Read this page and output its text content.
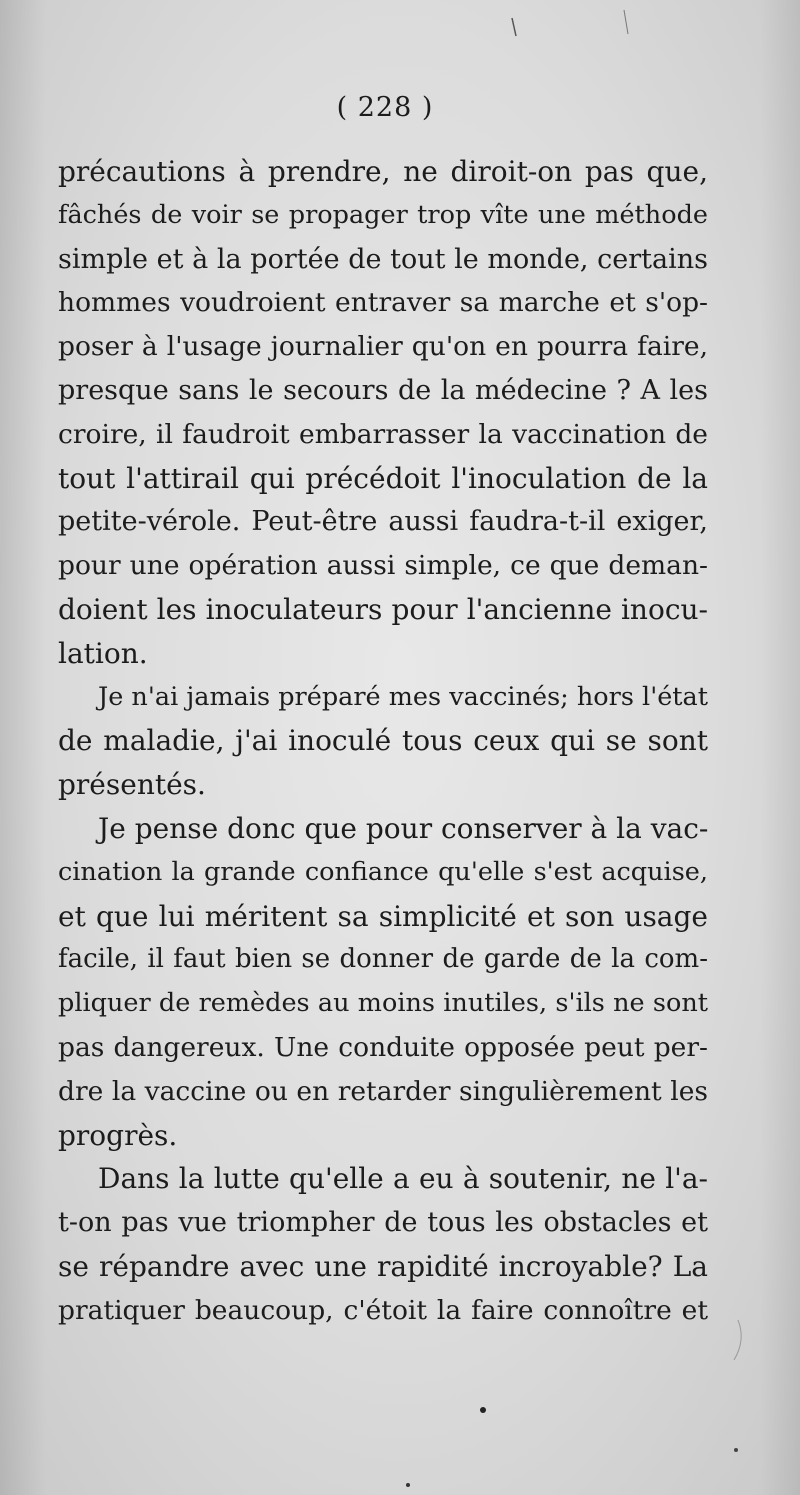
( 228 )
précautions à prendre, ne diroit-on pas que,
fâchés de voir se propager trop vîte une méthode
simple et à la portée de tout le monde, certains
hommes voudroient entraver sa marche et s'op-
poser à l'usage journalier qu'on en pourra faire,
presque sans le secours de la médecine ? A les
croire, il faudroit embarrasser la vaccination de
tout l'attirail qui précédoit l'inoculation de la
petite-vérole. Peut-être aussi faudra-t-il exiger,
pour une opération aussi simple, ce que deman-
doient les inoculateurs pour l'ancienne inocu-
lation.
Je n'ai jamais préparé mes vaccinés; hors l'état
de maladie, j'ai inoculé tous ceux qui se sont
présentés.
Je pense donc que pour conserver à la vac-
cination la grande confiance qu'elle s'est acquise,
et que lui méritent sa simplicité et son usage
facile, il faut bien se donner de garde de la com-
pliquer de remèdes au moins inutiles, s'ils ne sont
pas dangereux. Une conduite opposée peut per-
dre la vaccine ou en retarder singulièrement les
progrès.
Dans la lutte qu'elle a eu à soutenir, ne l'a-
t-on pas vue triompher de tous les obstacles et
se répandre avec une rapidité incroyable? La
pratiquer beaucoup, c'étoit la faire connoître et
